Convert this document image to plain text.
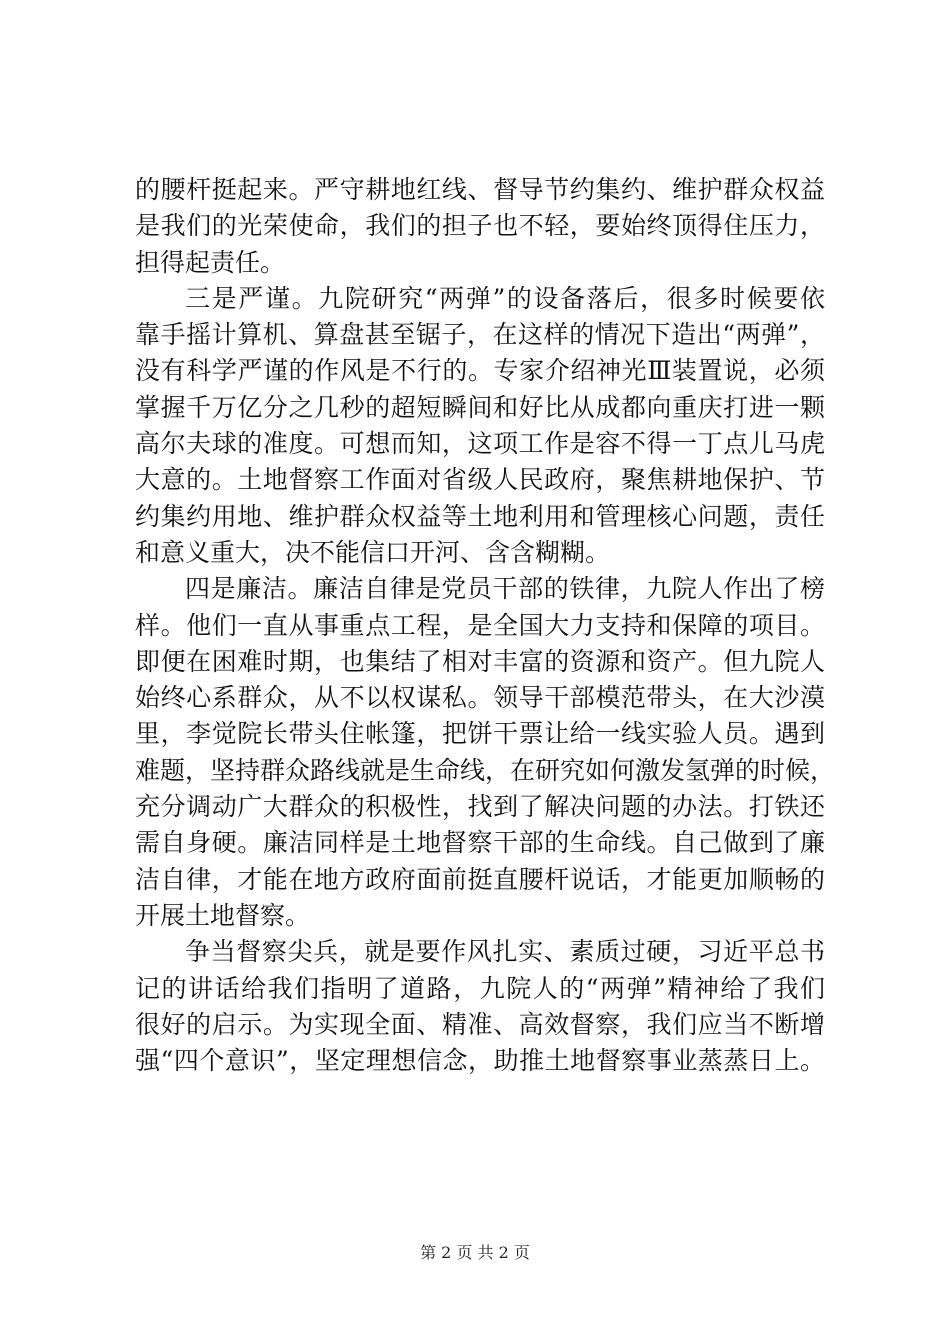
的腰杆挺起来。严守耕地红线、督导节约集约、维护群众权益
是我们的光荣使命，我们的担子也不轻，要始终顶得住压力，
担得起责任。
三是严谨。九院研究“两弹”的设备落后，很多时候要依
靠手摇计算机、算盘甚至锯子，在这样的情况下造出“两弹”，
没有科学严谨的作风是不行的。专家介绍神光Ⅲ装置说，必须
掌握千万亿分之几秒的超短瞬间和好比从成都向重庆打进一颗
高尔夫球的准度。可想而知，这项工作是容不得一丁点儿马虎
大意的。土地督察工作面对省级人民政府，聚焦耕地保护、节
约集约用地、维护群众权益等土地利用和管理核心问题，责任
和意义重大，决不能信口开河、含含糊糊。
四是廉洁。廉洁自律是党员干部的铁律，九院人作出了榜
样。他们一直从事重点工程，是全国大力支持和保障的项目。
即便在困难时期，也集结了相对丰富的资源和资产。但九院人
始终心系群众，从不以权谋私。领导干部模范带头，在大沙漠
里，李觉院长带头住帐篷，把饼干票让给一线实验人员。遇到
难题，坚持群众路线就是生命线，在研究如何激发氢弹的时候，
充分调动广大群众的积极性，找到了解决问题的办法。打铁还
需自身硬。廉洁同样是土地督察干部的生命线。自己做到了廉
洁自律，才能在地方政府面前挺直腰杆说话，才能更加顺畅的
开展土地督察。
争当督察尖兵，就是要作风扎实、素质过硬，习近平总书
记的讲话给我们指明了道路，九院人的“两弹”精神给了我们
很好的启示。为实现全面、精准、高效督察，我们应当不断增
强“四个意识”，坚定理想信念，助推土地督察事业蒸蒸日上。
第 2 页 共 2 页
